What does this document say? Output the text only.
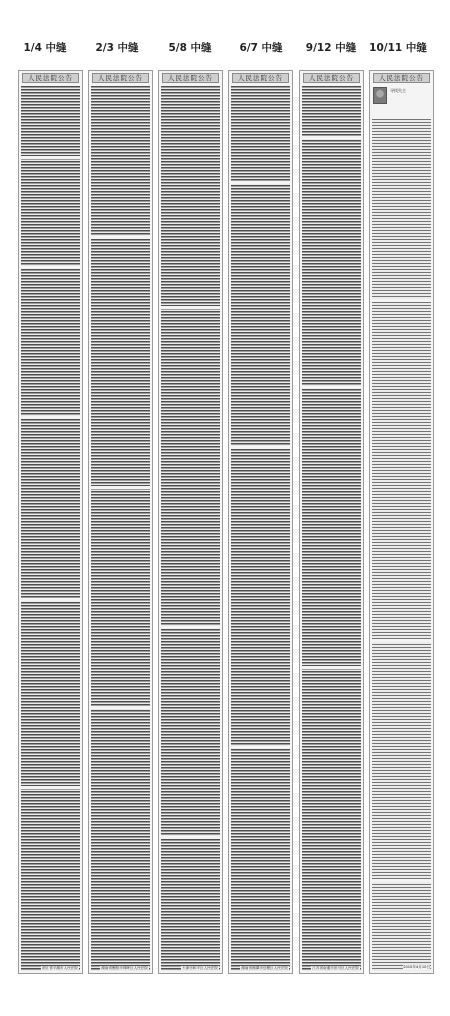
1/4 中缝	2/3 中缝	5/8 中缝	6/7 中缝	9/12 中缝	10/11 中缝
人民法院公告
浙江省平湖市人民法院
人民法院公告
湖南省衡阳市珠晖区人民法院
人民法院公告
天津市和平区人民法院
人民法院公告
湖南省湘潭市岳塘区人民法院
人民法院公告
江苏省南通市崇川区人民法院
人民法院公告
寻找失主
2010年4月10日
